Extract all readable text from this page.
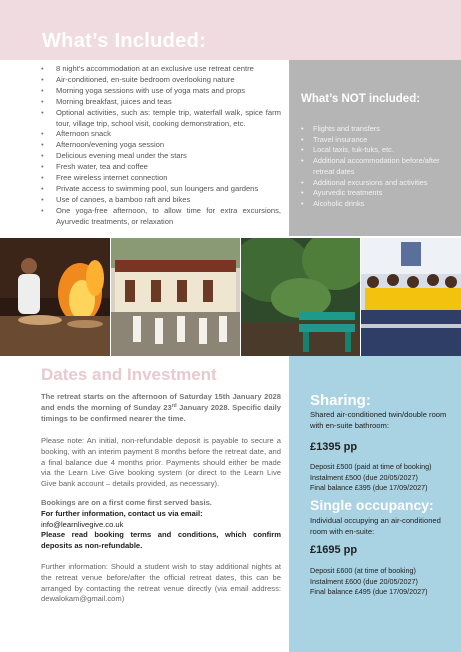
What’s Included:
• 8 night’s accommodation at an exclusive use retreat centre
• Air-conditioned, en-suite bedroom overlooking nature
• Morning yoga sessions with use of yoga mats and props
• Morning breakfast, juices and teas
• Optional activities, such as: temple trip, waterfall walk, spice farm tour, village trip, school visit, cooking demonstration, etc.
• Afternoon snack
• Afternoon/evening yoga session
• Delicious evening meal under the stars
• Fresh water, tea and coffee
• Free wireless internet connection
• Private access to swimming pool, sun loungers and gardens
• Use of canoes, a bamboo raft and bikes
• One yoga-free afternoon, to allow time for extra excursions, Ayurvedic treatments, or relaxation
What’s NOT included:
• Flights and transfers
• Travel insurance
• Local taxis, tuk-tuks, etc.
• Additional accommodation before/after retreat dates
• Additional excursions and activities
• Ayurvedic treatments
• Alcoholic drinks
Dates and Investment

The retreat starts on the afternoon of Saturday 15th January 2028 and ends the morning of Sunday 23rd January 2028. Specific daily timings to be confirmed nearer the time.

Please note: An initial, non-refundable deposit is payable to secure a booking, with an interim payment 8 months before the retreat date, and a final balance due 4 months prior. Payments should either be made via the Learn Live Give booking system (or direct to the Learn Live Give bank account – details provided, as necessary).

Bookings are on a first come first served basis.
For further information, contact us via email:
info@learnlivegive.co.uk
Please read booking terms and conditions, which confirm deposits as non-refundable.

Further information: Should a student wish to stay additional nights at the retreat venue before/after the official retreat dates, this can be arranged by contacting the retreat venue directly (via email address: dewalokam@gmail.com)

Sharing:

Shared air-conditioned twin/double room with en-suite bathroom:

£1395 pp
Deposit £500 (paid at time of booking)
Instalment £500 (due 20/05/2027)
Final balance £395 (due 17/09/2027)
Single occupancy:

Individual occupying an air-conditioned room with en-suite:

£1695 pp
Deposit £600 (at time of booking)
Instalment £600 (due 20/05/2027)
Final balance £495 (due 17/09/2027)
